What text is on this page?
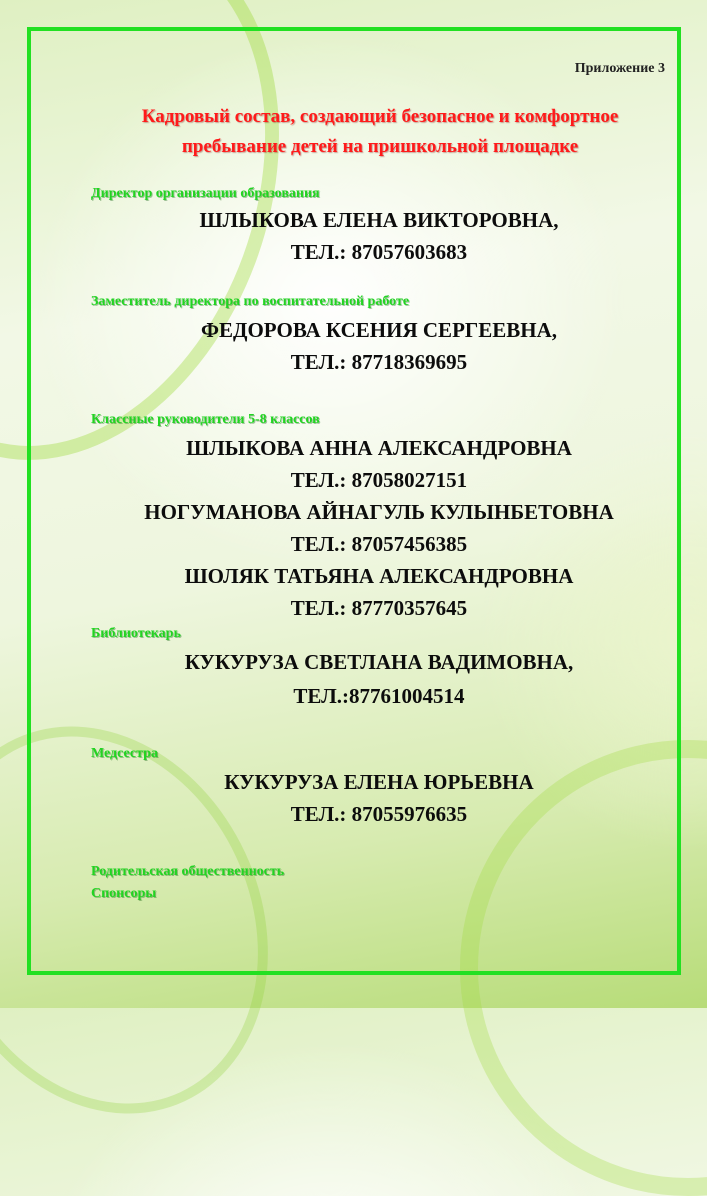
Приложение 3
Кадровый состав, создающий безопасное и комфортное
пребывание детей на пришкольной площадке
Директор организации образования
ШЛЫКОВА ЕЛЕНА ВИКТОРОВНА,
ТЕЛ.: 87057603683
Заместитель директора по воспитательной работе
ФЕДОРОВА КСЕНИЯ СЕРГЕЕВНА,
ТЕЛ.: 87718369695
Классные руководители 5-8 классов
ШЛЫКОВА АННА АЛЕКСАНДРОВНА
ТЕЛ.: 87058027151
НОГУМАНОВА АЙНАГУЛЬ КУЛЫНБЕТОВНА
ТЕЛ.: 87057456385
ШОЛЯК ТАТЬЯНА АЛЕКСАНДРОВНА
ТЕЛ.: 87770357645
Библиотекарь
КУКУРУЗА СВЕТЛАНА ВАДИМОВНА,
ТЕЛ.:87761004514
Медсестра
КУКУРУЗА ЕЛЕНА ЮРЬЕВНА
ТЕЛ.: 87055976635
Родительская общественность
Спонсоры
